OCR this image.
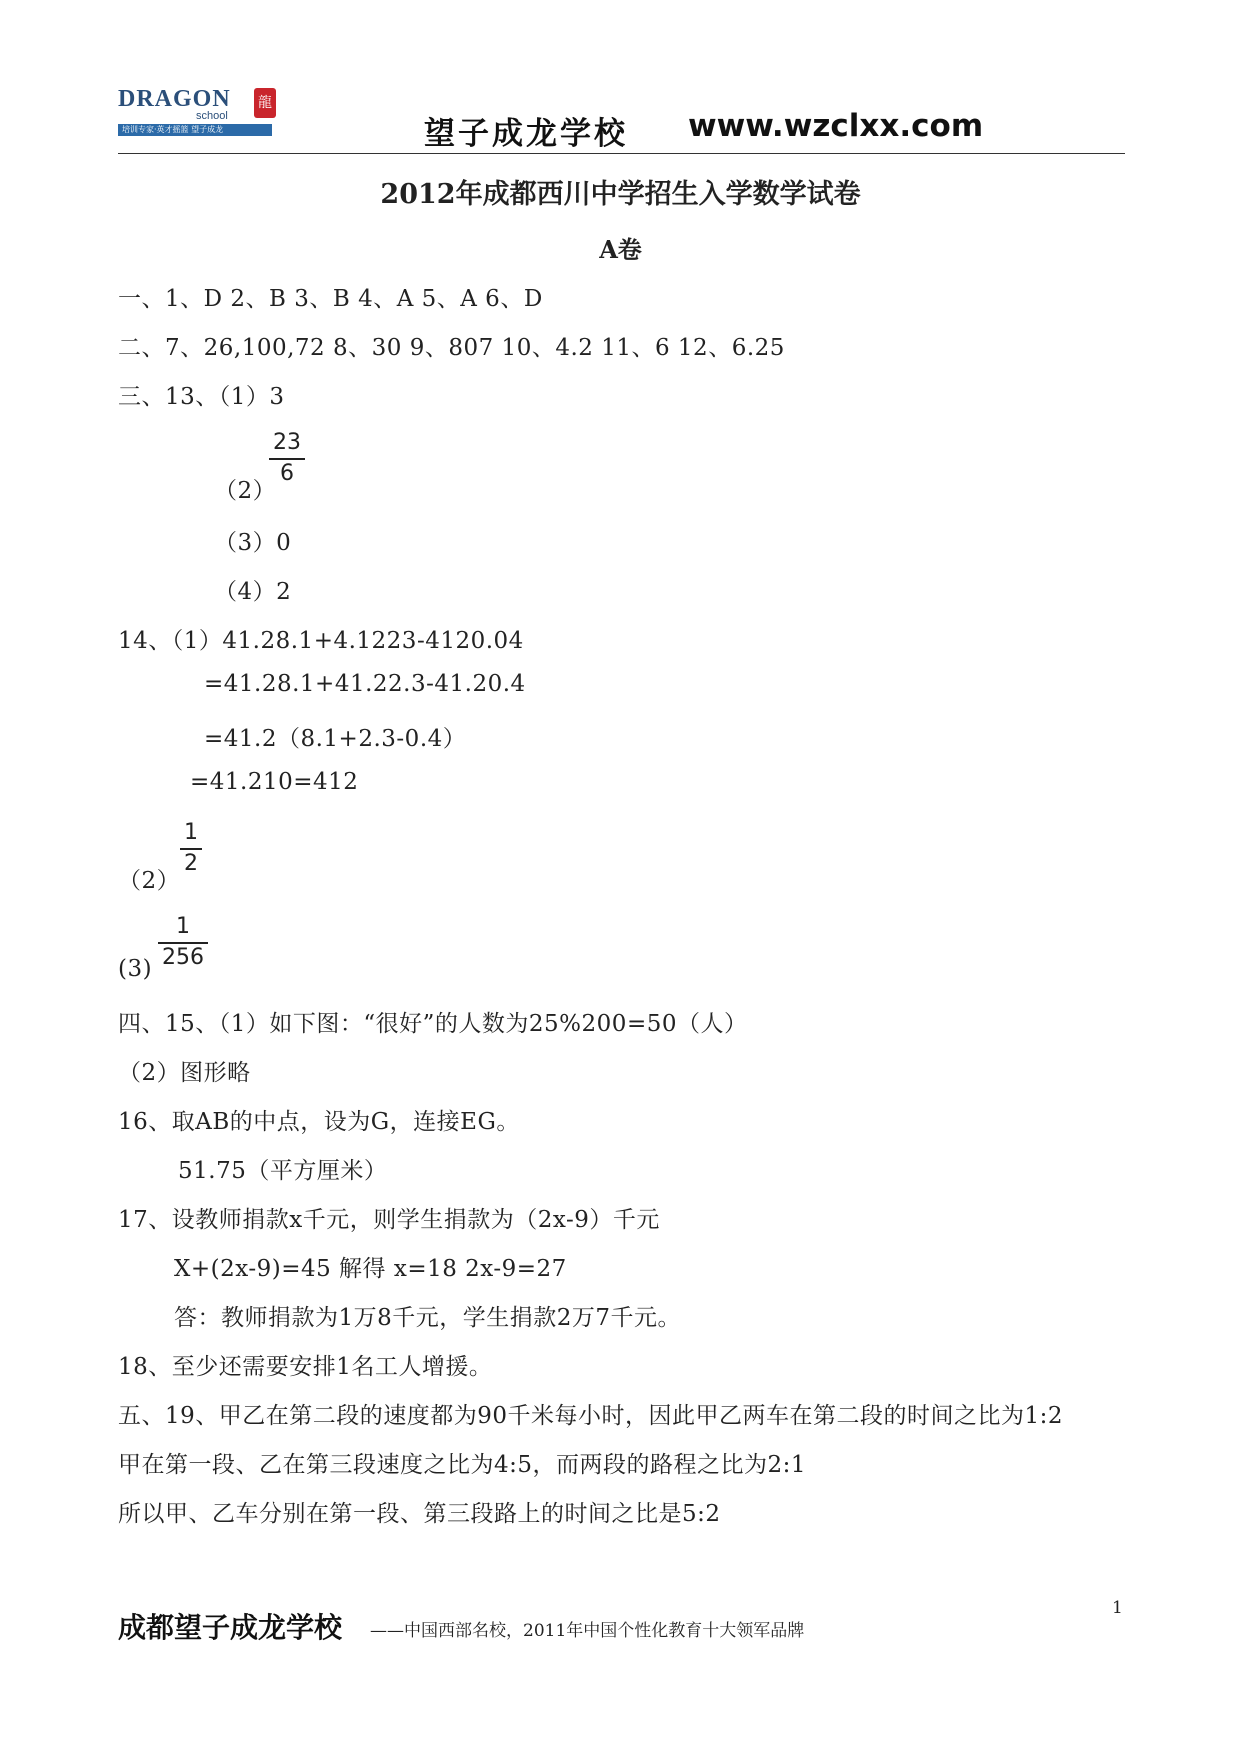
DRAGON
school
龍
培训专家·英才摇篮 望子成龙	望子成龙学校 www.wzclxx.com
2012年成都西川中学招生入学数学试卷
A卷
一、1、D 2、B 3、B 4、A 5、A 6、D
二、7、26,100,72 8、30 9、807 10、4.2 11、6 12、6.25
三、13、（1）3
（2）
23
6
（3）0
（4）2
14、（1）41.28.1+4.1223-4120.04
=41.28.1+41.22.3-41.20.4
=41.2（8.1+2.3-0.4）
=41.210=412
（2）
1
2
(3)
1
256
四、15、（1）如下图：“很好”的人数为25%200=50（人）
（2）图形略
16、取AB的中点，设为G，连接EG。
51.75（平方厘米）
17、设教师捐款x千元，则学生捐款为（2x-9）千元
X+(2x-9)=45 解得 x=18 2x-9=27
答：教师捐款为1万8千元，学生捐款2万7千元。
18、至少还需要安排1名工人增援。
五、19、甲乙在第二段的速度都为90千米每小时，因此甲乙两车在第二段的时间之比为1:2
甲在第一段、乙在第三段速度之比为4:5，而两段的路程之比为2:1
所以甲、乙车分别在第一段、第三段路上的时间之比是5:2
1
成都望子成龙学校 ——中国西部名校，2011年中国个性化教育十大领军品牌
